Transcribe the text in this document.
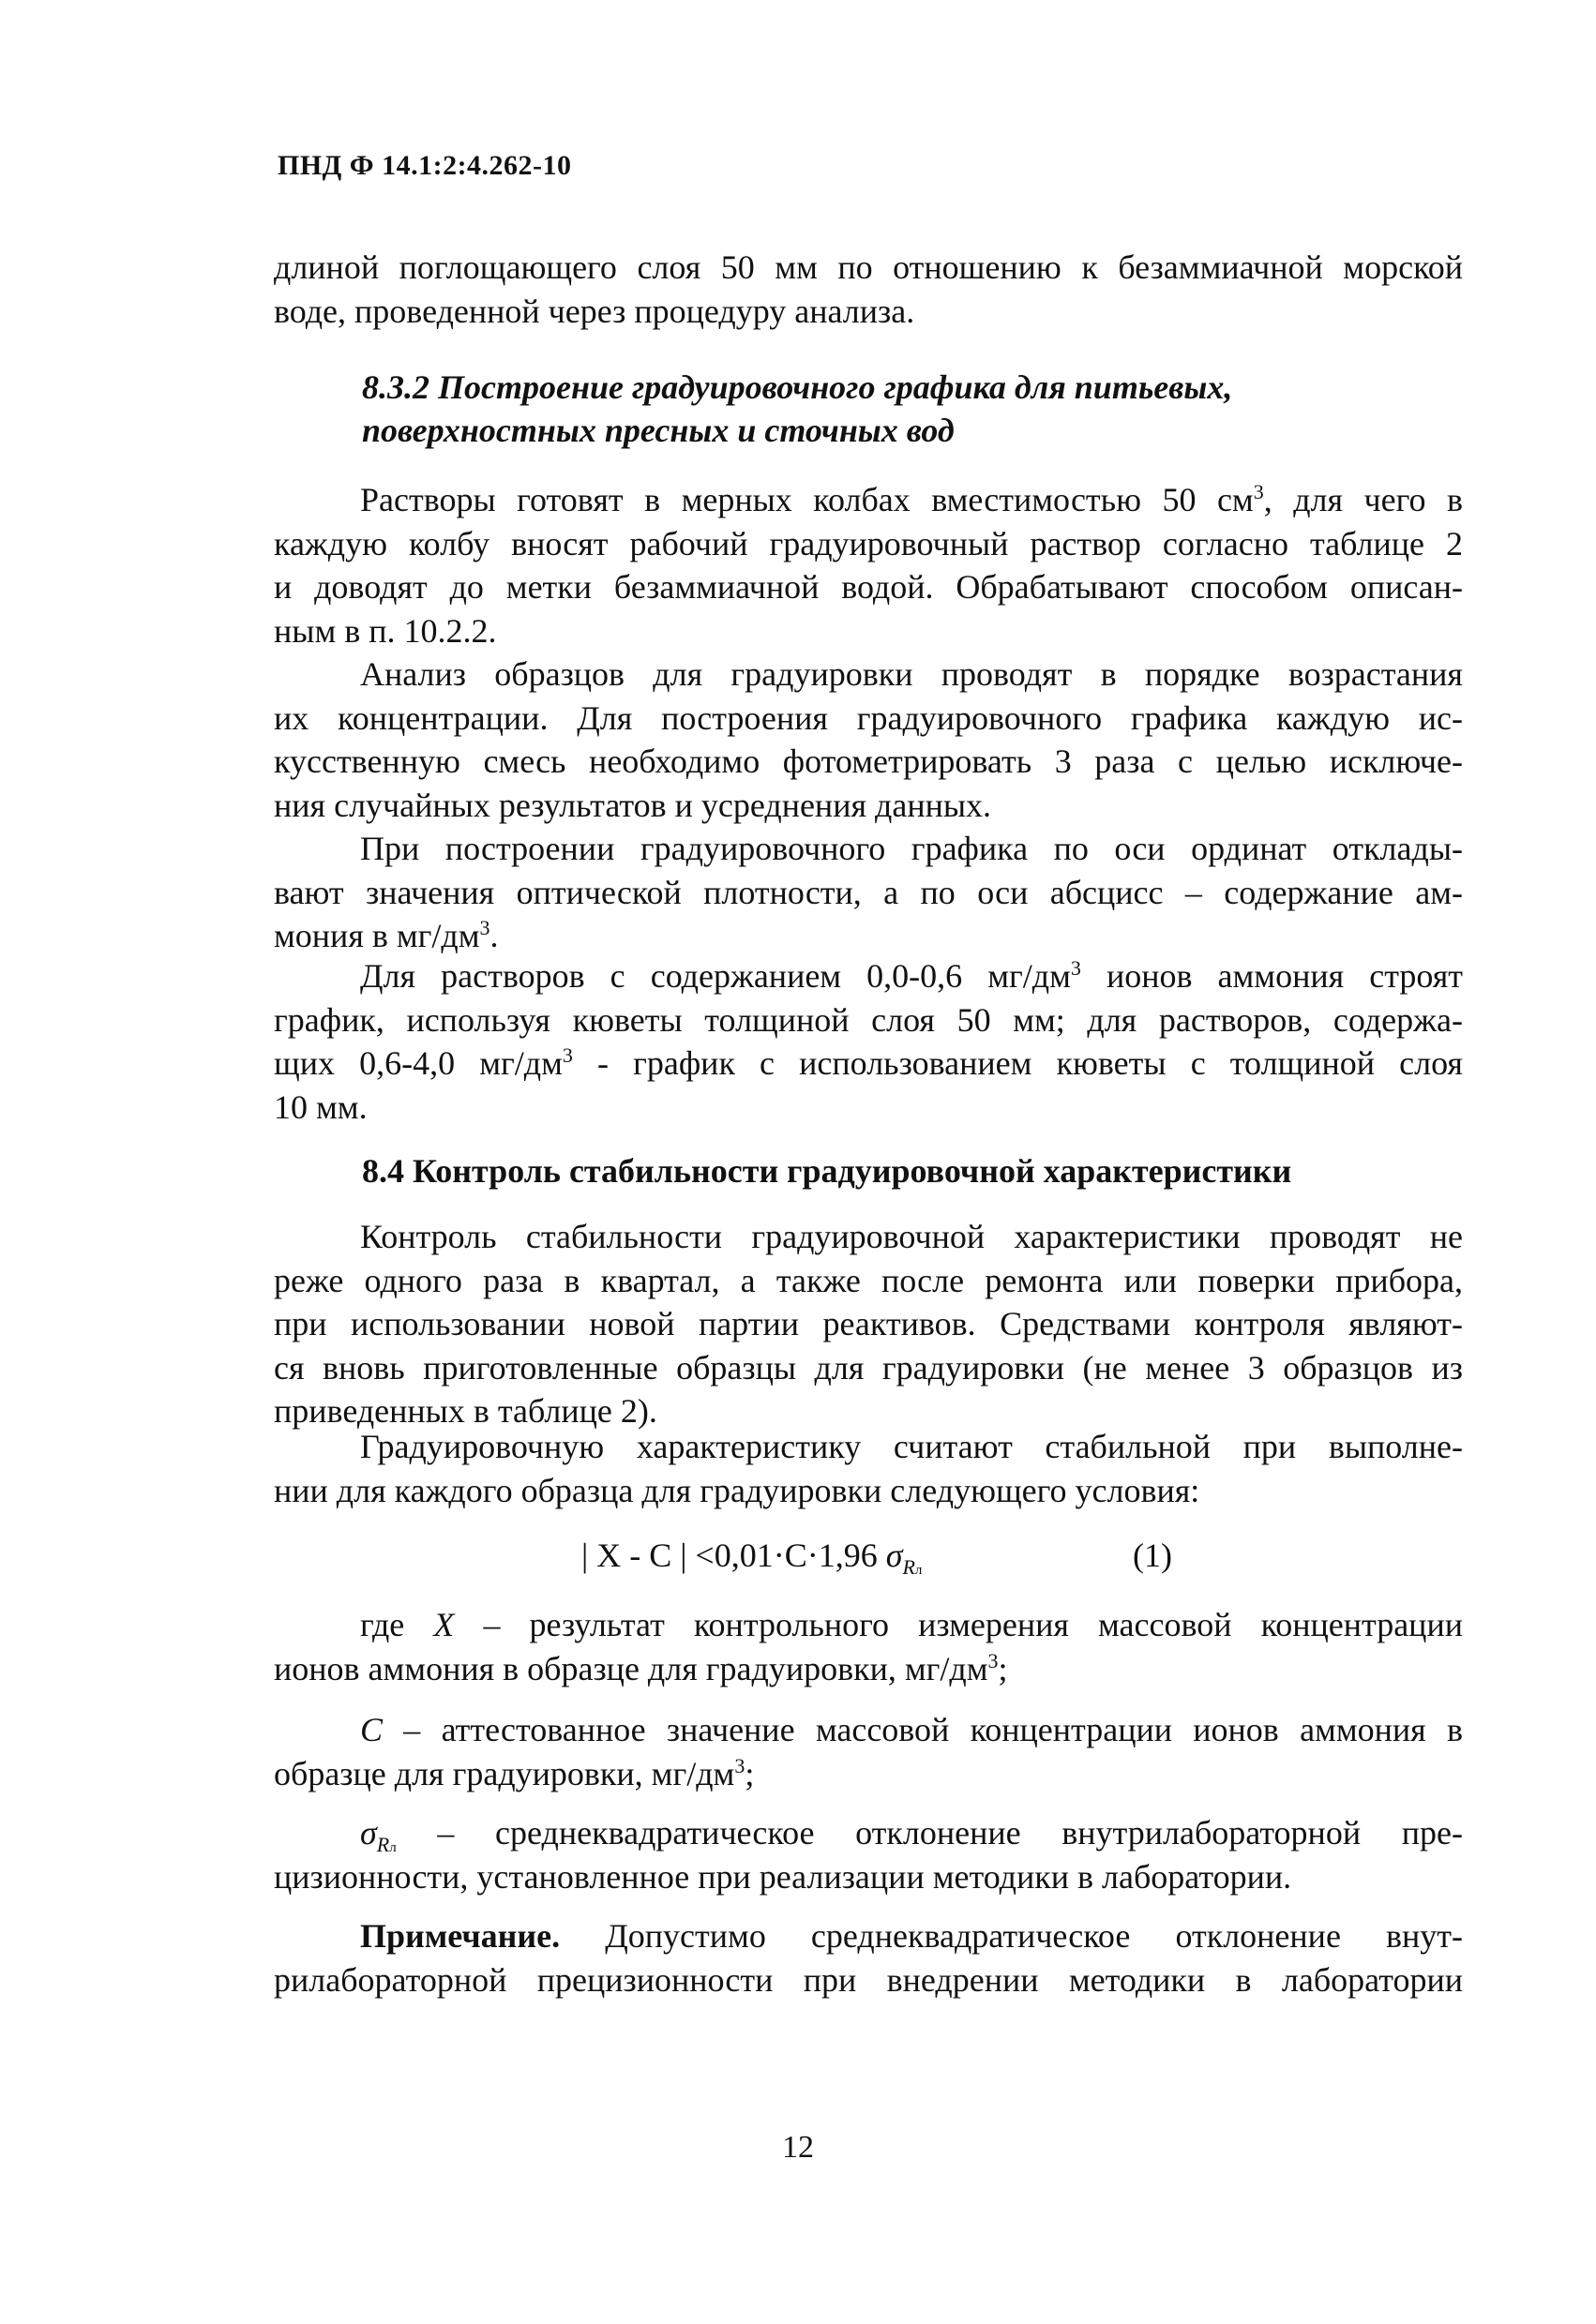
ПНД Ф 14.1:2:4.262-10
длиной поглощающего слоя 50 мм по отношению к безаммиачной морской
воде, проведенной через процедуру анализа.
8.3.2 Построение градуировочного графика для питьевых,
поверхностных пресных и сточных вод
Растворы готовят в мерных колбах вместимостью 50 $см^3$, для чего в
каждую колбу вносят рабочий градуировочный раствор согласно таблице 2
и доводят до метки безаммиачной водой. Обрабатывают способом описан-
ным в п. 10.2.2.
Анализ образцов для градуировки проводят в порядке возрастания
их концентрации. Для построения градуировочного графика каждую ис-
кусственную смесь необходимо фотометрировать 3 раза с целью исключе-
ния случайных результатов и усреднения данных.
При построении градуировочного графика по оси ординат отклады-
вают значения оптической плотности, а по оси абсцисс – содержание ам-
мония в $мг/дм^3$.
Для растворов с содержанием 0,0-0,6 $мг/дм^3$ ионов аммония строят
график, используя кюветы толщиной слоя 50 мм; для растворов, содержа-
щих 0,6-4,0 $мг/дм^3$ - график с использованием кюветы с толщиной слоя
10 мм.
8.4 Контроль стабильности градуировочной характеристики
Контроль стабильности градуировочной характеристики проводят не
реже одного раза в квартал, а также после ремонта или поверки прибора,
при использовании новой партии реактивов. Средствами контроля являют-
ся вновь приготовленные образцы для градуировки (не менее 3 образцов из
приведенных в таблице 2).
Градуировочную характеристику считают стабильной при выполне-
нии для каждого образца для градуировки следующего условия:
| X - C | <0,01·C·1,96 $\sigma_{Rл}$	(1)
где X – результат контрольного измерения массовой концентрации
ионов аммония в образце для градуировки, $мг/дм^3$;
C – аттестованное значение массовой концентрации ионов аммония в
образце для градуировки, $мг/дм^3$;
$\sigma_{Rл}$ – среднеквадратическое отклонение внутрилабораторной пре-
цизионности, установленное при реализации методики в лаборатории.
Примечание. Допустимо среднеквадратическое отклонение внут-
рилабораторной прецизионности при внедрении методики в лаборатории
12
